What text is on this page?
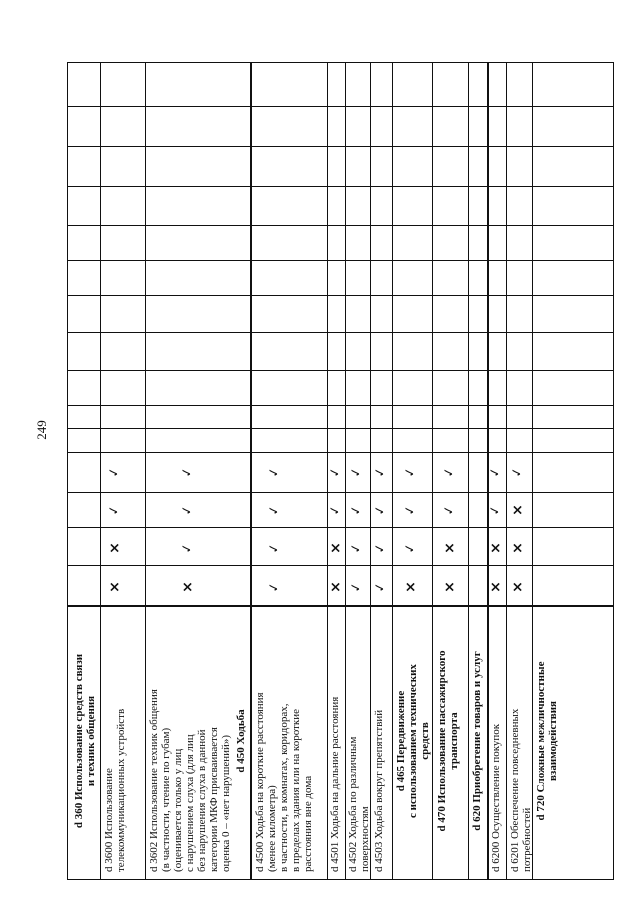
249
d 360 Использование средств связи
и техник общения
d 3600 Использование
телекоммуникационных устройств
d 3602 Использование техник общения
(в частности, чтение по губам)
(оценивается только у лиц
с нарушением слуха (для лиц
без нарушения слуха в данной
категории МКФ присваивается
оценка 0 – «нет нарушений») d 450 Ходьба
d 4500 Ходьба на короткие расстояния
(менее километра)
в частности, в комнатах, коридорах,
в пределах здания или на короткие
расстояния вне дома d 4501 Ходьба на дальние расстояния d 4502 Ходьба по различным
поверхностям d 4503 Ходьба вокруг препятствий d 465 Передвижение
с использованием технических
средств
d 470 Использование пассажирского
транспорта d 620 Приобретение товаров и услуг d 6200 Осуществление покупок d 6201 Обеспечение повседневных
потребностей d 720 Сложные межличностные
взаимодействия
×
×
✓
✓
×
✓
✓
✓
✓
✓
✓
✓
×
×
✓
✓
✓
✓
✓
✓
✓
✓
✓
✓
×
✓
✓
✓
×
×
✓
✓
×
×
✓
✓
×
×
×
✓
